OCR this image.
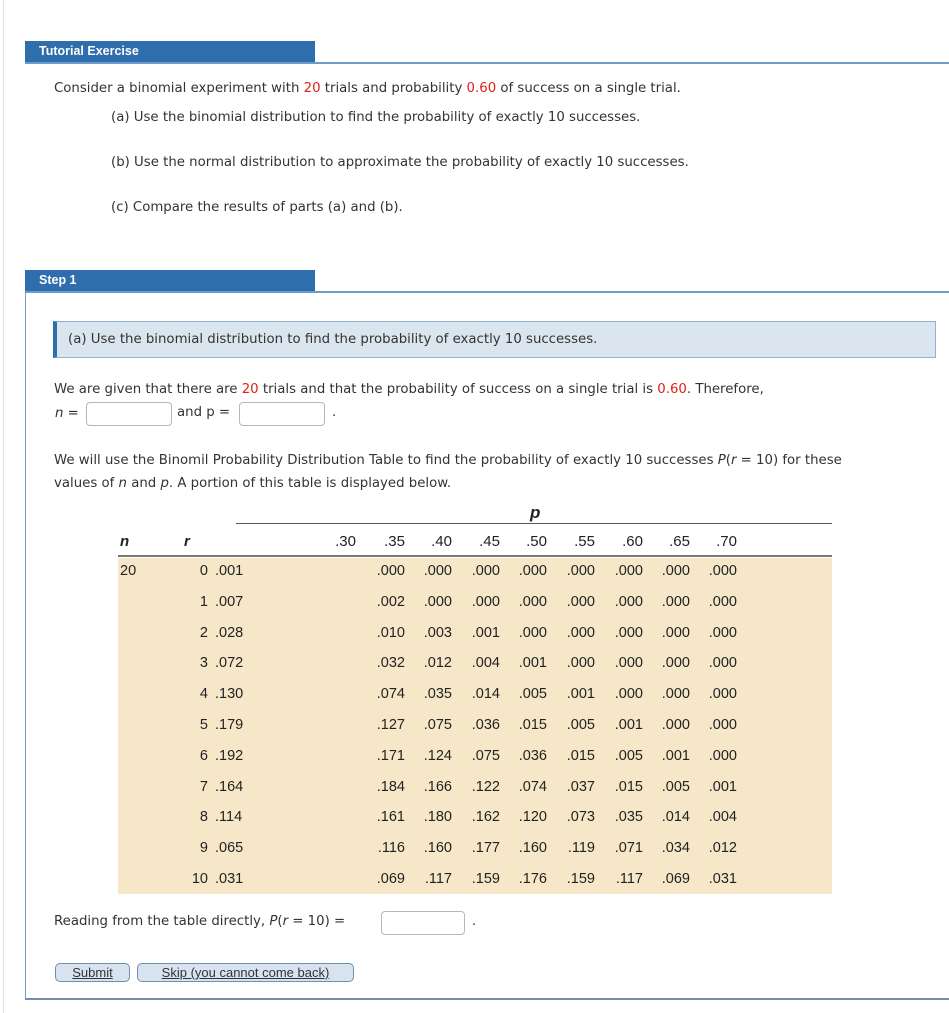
Tutorial Exercise
Consider a binomial experiment with 20 trials and probability 0.60 of success on a single trial.
(a) Use the binomial distribution to find the probability of exactly 10 successes.
(b) Use the normal distribution to approximate the probability of exactly 10 successes.
(c) Compare the results of parts (a) and (b).
Step 1
(a) Use the binomial distribution to find the probability of exactly 10 successes.
We are given that there are 20 trials and that the probability of success on a single trial is 0.60. Therefore,
n =	and p =	.
We will use the Binomil Probability Distribution Table to find the probability of exactly 10 successes P(r = 10) for these
values of n and p. A portion of this table is displayed below.
p
n	r
20
.30	.35	.40	.45	.50	.55	.60	.65	.70
0 .001	.000	.000	.000	.000	.000	.000	.000	.000
1 .007	.002	.000	.000	.000	.000	.000	.000	.000
2 .028	.010	.003	.001	.000	.000	.000	.000	.000
3 .072	.032	.012	.004	.001	.000	.000	.000	.000
4 .130	.074	.035	.014	.005	.001	.000	.000	.000
5 .179	.127	.075	.036	.015	.005	.001	.000	.000
6 .192	.171	.124	.075	.036	.015	.005	.001	.000
7 .164	.184	.166	.122	.074	.037	.015	.005	.001
8 .114	.161	.180	.162	.120	.073	.035	.014	.004
9 .065	.116	.160	.177	.160	.119	.071	.034	.012
10 .031	.069	.117	.159	.176	.159	.117	.069	.031
Reading from the table directly, P(r = 10) =	.
Submit	Skip (you cannot come back)
